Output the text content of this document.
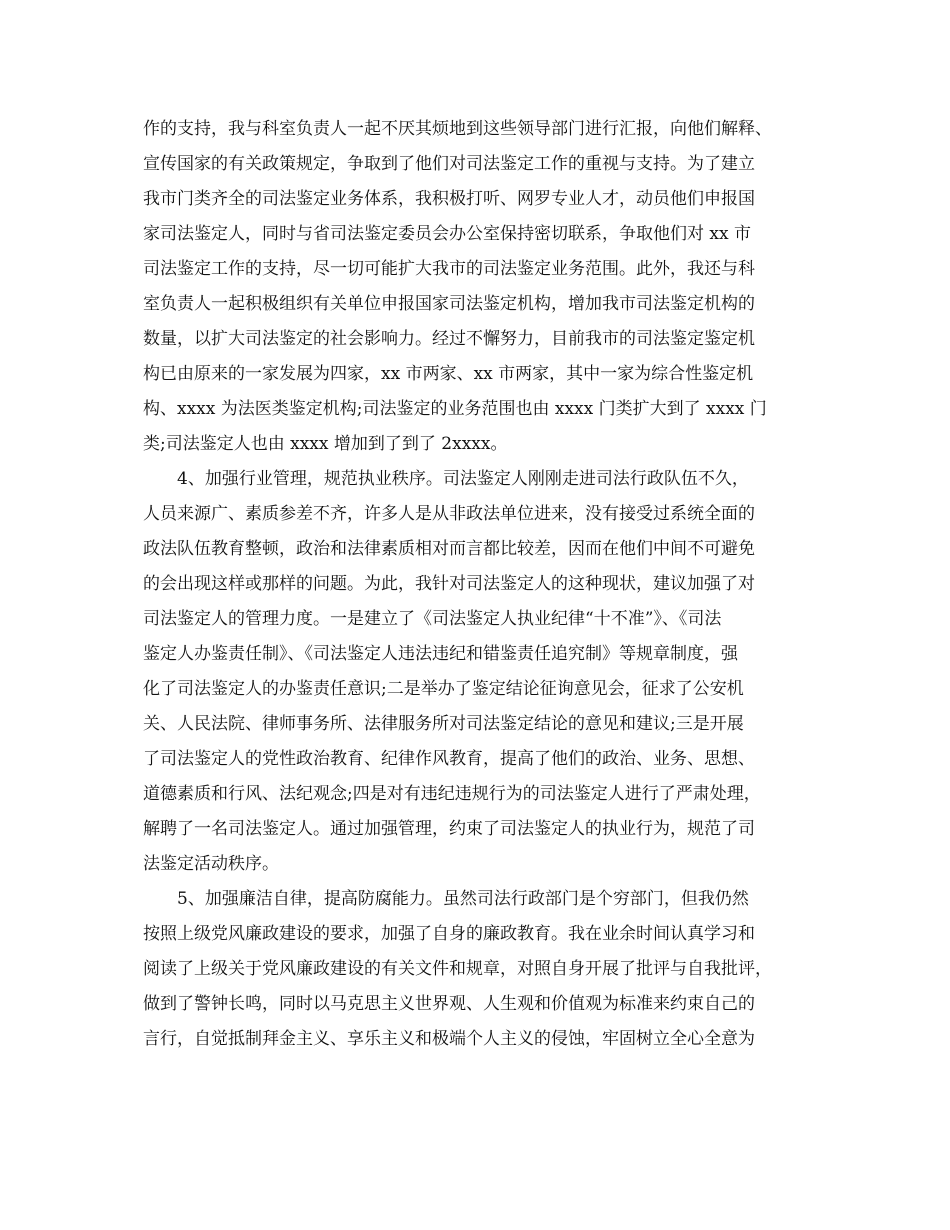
作的支持，我与科室负责人一起不厌其烦地到这些领导部门进行汇报，向他们解释、
宣传国家的有关政策规定，争取到了他们对司法鉴定工作的重视与支持。为了建立
我市门类齐全的司法鉴定业务体系，我积极打听、网罗专业人才，动员他们申报国
家司法鉴定人，同时与省司法鉴定委员会办公室保持密切联系，争取他们对 xx 市
司法鉴定工作的支持，尽一切可能扩大我市的司法鉴定业务范围。此外，我还与科
室负责人一起积极组织有关单位申报国家司法鉴定机构，增加我市司法鉴定机构的
数量，以扩大司法鉴定的社会影响力。经过不懈努力，目前我市的司法鉴定鉴定机
构已由原来的一家发展为四家，xx 市两家、xx 市两家，其中一家为综合性鉴定机
构、xxxx 为法医类鉴定机构;司法鉴定的业务范围也由 xxxx 门类扩大到了 xxxx 门
类;司法鉴定人也由 xxxx 增加到了到了 2xxxx。
4、加强行业管理，规范执业秩序。司法鉴定人刚刚走进司法行政队伍不久，
人员来源广、素质参差不齐，许多人是从非政法单位进来，没有接受过系统全面的
政法队伍教育整顿，政治和法律素质相对而言都比较差，因而在他们中间不可避免
的会出现这样或那样的问题。为此，我针对司法鉴定人的这种现状，建议加强了对
司法鉴定人的管理力度。一是建立了《司法鉴定人执业纪律“十不准”》、《司法
鉴定人办鉴责任制》、《司法鉴定人违法违纪和错鉴责任追究制》等规章制度，强
化了司法鉴定人的办鉴责任意识;二是举办了鉴定结论征询意见会，征求了公安机
关、人民法院、律师事务所、法律服务所对司法鉴定结论的意见和建议;三是开展
了司法鉴定人的党性政治教育、纪律作风教育，提高了他们的政治、业务、思想、
道德素质和行风、法纪观念;四是对有违纪违规行为的司法鉴定人进行了严肃处理，
解聘了一名司法鉴定人。通过加强管理，约束了司法鉴定人的执业行为，规范了司
法鉴定活动秩序。
5、加强廉洁自律，提高防腐能力。虽然司法行政部门是个穷部门，但我仍然
按照上级党风廉政建设的要求，加强了自身的廉政教育。我在业余时间认真学习和
阅读了上级关于党风廉政建设的有关文件和规章，对照自身开展了批评与自我批评，
做到了警钟长鸣，同时以马克思主义世界观、人生观和价值观为标准来约束自己的
言行，自觉抵制拜金主义、享乐主义和极端个人主义的侵蚀，牢固树立全心全意为
